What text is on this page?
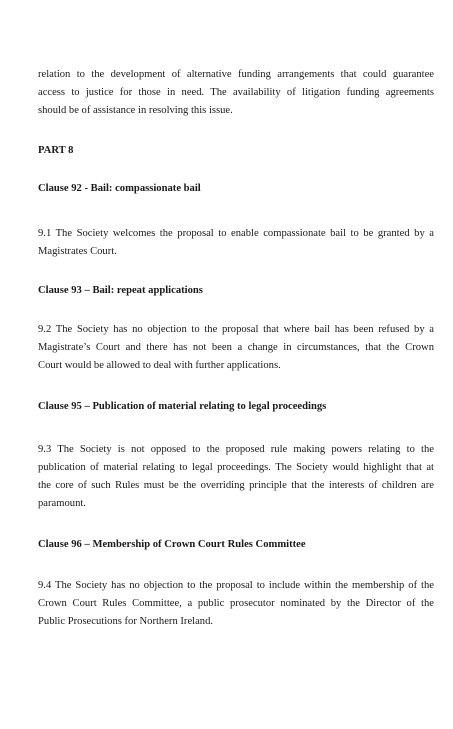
relation to the development of alternative funding arrangements that could guarantee
access to justice for those in need. The availability of litigation funding agreements
should be of assistance in resolving this issue.

PART 8

Clause 92 - Bail: compassionate bail

9.1 The Society welcomes the proposal to enable compassionate bail to be granted by a
Magistrates Court.

Clause 93 – Bail: repeat applications

9.2 The Society has no objection to the proposal that where bail has been refused by a
Magistrate’s Court and there has not been a change in circumstances, that the Crown
Court would be allowed to deal with further applications.

Clause 95 – Publication of material relating to legal proceedings

9.3 The Society is not opposed to the proposed rule making powers relating to the
publication of material relating to legal proceedings. The Society would highlight that at
the core of such Rules must be the overriding principle that the interests of children are
paramount.

Clause 96 – Membership of Crown Court Rules Committee

9.4 The Society has no objection to the proposal to include within the membership of the
Crown Court Rules Committee, a public prosecutor nominated by the Director of the
Public Prosecutions for Northern Ireland.
